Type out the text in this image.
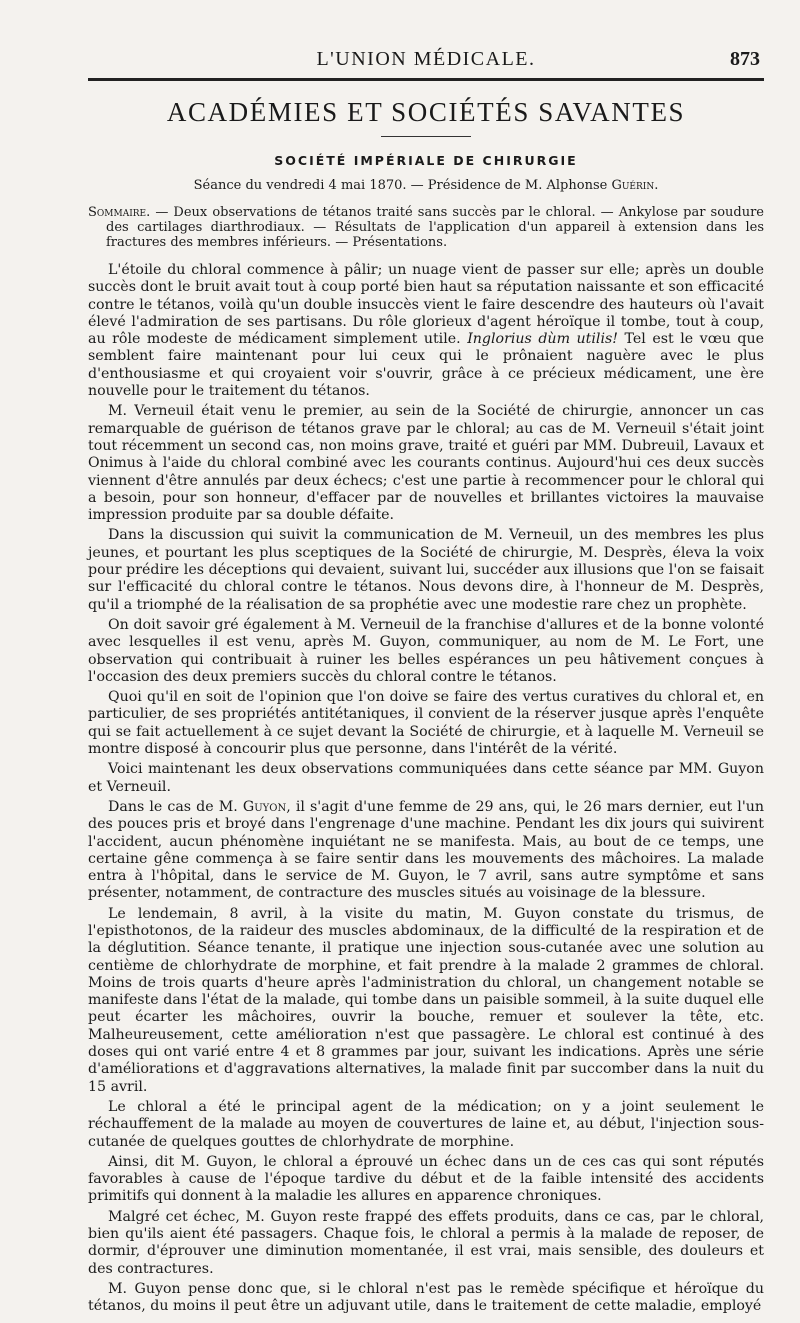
L'UNION MÉDICALE.	873
ACADÉMIES ET SOCIÉTÉS SAVANTES
SOCIÉTÉ IMPÉRIALE DE CHIRURGIE
Séance du vendredi 4 mai 1870. — Présidence de M. Alphonse Guérin.
Sommaire. — Deux observations de tétanos traité sans succès par le chloral. — Ankylose par soudure des cartilages diarthrodiaux. — Résultats de l'application d'un appareil à extension dans les fractures des membres inférieurs. — Présentations.

L'étoile du chloral commence à pâlir; un nuage vient de passer sur elle; après un double succès dont le bruit avait tout à coup porté bien haut sa réputation naissante et son efficacité contre le tétanos, voilà qu'un double insuccès vient le faire descendre des hauteurs où l'avait élevé l'admiration de ses partisans. Du rôle glorieux d'agent héroïque il tombe, tout à coup, au rôle modeste de médicament simplement utile. Inglorius dùm utilis! Tel est le vœu que semblent faire maintenant pour lui ceux qui le prônaient naguère avec le plus d'enthousiasme et qui croyaient voir s'ouvrir, grâce à ce précieux médicament, une ère nouvelle pour le traitement du tétanos.

M. Verneuil était venu le premier, au sein de la Société de chirurgie, annoncer un cas remarquable de guérison de tétanos grave par le chloral; au cas de M. Verneuil s'était joint tout récemment un second cas, non moins grave, traité et guéri par MM. Dubreuil, Lavaux et Onimus à l'aide du chloral combiné avec les courants continus. Aujourd'hui ces deux succès viennent d'être annulés par deux échecs; c'est une partie à recommencer pour le chloral qui a besoin, pour son honneur, d'effacer par de nouvelles et brillantes victoires la mauvaise impression produite par sa double défaite.

Dans la discussion qui suivit la communication de M. Verneuil, un des membres les plus jeunes, et pourtant les plus sceptiques de la Société de chirurgie, M. Desprès, éleva la voix pour prédire les déceptions qui devaient, suivant lui, succéder aux illusions que l'on se faisait sur l'efficacité du chloral contre le tétanos. Nous devons dire, à l'honneur de M. Desprès, qu'il a triomphé de la réalisation de sa prophétie avec une modestie rare chez un prophète.

On doit savoir gré également à M. Verneuil de la franchise d'allures et de la bonne volonté avec lesquelles il est venu, après M. Guyon, communiquer, au nom de M. Le Fort, une observation qui contribuait à ruiner les belles espérances un peu hâtivement conçues à l'occasion des deux premiers succès du chloral contre le tétanos.

Quoi qu'il en soit de l'opinion que l'on doive se faire des vertus curatives du chloral et, en particulier, de ses propriétés antitétaniques, il convient de la réserver jusque après l'enquête qui se fait actuellement à ce sujet devant la Société de chirurgie, et à laquelle M. Verneuil se montre disposé à concourir plus que personne, dans l'intérêt de la vérité.

Voici maintenant les deux observations communiquées dans cette séance par MM. Guyon et Verneuil.

Dans le cas de M. Guyon, il s'agit d'une femme de 29 ans, qui, le 26 mars dernier, eut l'un des pouces pris et broyé dans l'engrenage d'une machine. Pendant les dix jours qui suivirent l'accident, aucun phénomène inquiétant ne se manifesta. Mais, au bout de ce temps, une certaine gêne commença à se faire sentir dans les mouvements des mâchoires. La malade entra à l'hôpital, dans le service de M. Guyon, le 7 avril, sans autre symptôme et sans présenter, notamment, de contracture des muscles situés au voisinage de la blessure.

Le lendemain, 8 avril, à la visite du matin, M. Guyon constate du trismus, de l'episthotonos, de la raideur des muscles abdominaux, de la difficulté de la respiration et de la déglutition. Séance tenante, il pratique une injection sous-cutanée avec une solution au centième de chlorhydrate de morphine, et fait prendre à la malade 2 grammes de chloral. Moins de trois quarts d'heure après l'administration du chloral, un changement notable se manifeste dans l'état de la malade, qui tombe dans un paisible sommeil, à la suite duquel elle peut écarter les mâchoires, ouvrir la bouche, remuer et soulever la tête, etc. Malheureusement, cette amélioration n'est que passagère. Le chloral est continué à des doses qui ont varié entre 4 et 8 grammes par jour, suivant les indications. Après une série d'améliorations et d'aggravations alternatives, la malade finit par succomber dans la nuit du 15 avril.

Le chloral a été le principal agent de la médication; on y a joint seulement le réchauffement de la malade au moyen de couvertures de laine et, au début, l'injection sous-cutanée de quelques gouttes de chlorhydrate de morphine.

Ainsi, dit M. Guyon, le chloral a éprouvé un échec dans un de ces cas qui sont réputés favorables à cause de l'époque tardive du début et de la faible intensité des accidents primitifs qui donnent à la maladie les allures en apparence chroniques.

Malgré cet échec, M. Guyon reste frappé des effets produits, dans ce cas, par le chloral, bien qu'ils aient été passagers. Chaque fois, le chloral a permis à la malade de reposer, de dormir, d'éprouver une diminution momentanée, il est vrai, mais sensible, des douleurs et des contractures.

M. Guyon pense donc que, si le chloral n'est pas le remède spécifique et héroïque du tétanos, du moins il peut être un adjuvant utile, dans le traitement de cette maladie, employé
